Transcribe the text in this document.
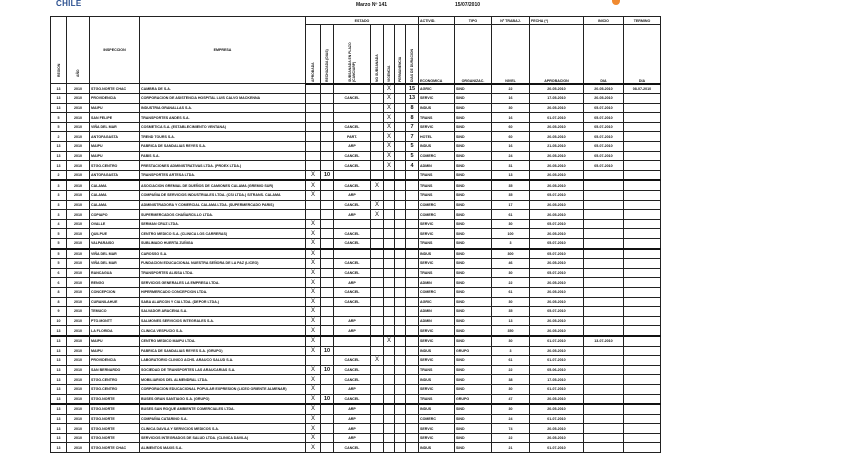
CHILE	Marzo Nº 141	15/07/2010
REGION	AÑO	INSPECCION	EMPRESA	ESTADO							ACTIVID.	TIPO	Nº TRABAJ.	FECHA (*)	INICIO	TERMINO
				APROBADA	RECHAZADA (DIAS)	SUBSANADA EN PLAZO (CANC/ARP)	NO SUBSANADA	VIGENCIA	PERMANENCIA	DIAS DE DURACION	ECONOMICA	ORGANIZAC.	NIVEL	APROBACION	DIA	DIA
13	2010	STGO.NORTE CHAC	CAMBRA DE S.A.					X		15	AGRIC	SIND	22	20-05-2010	20-05-2010	08-07-2010
13	2010	PROVIDENCIA	CORPORACION DE ASISTENCIA HOSPITAL LUIS CALVO MACKENNA			CANCEL		X		13	SERVIC	SIND	16	17-05-2010	20-05-2010	
13	2010	MAIPU	INDUSTRIA GRANALLAS S.A.					X		8	INDUS	SIND	30	20-05-2010	05-07-2010	
5	2010	SAN FELIPE	TRANSPORTES ANDES S.A.					X		8	TRANS	SIND	16	01-07-2010	05-07-2010	
5	2010	VIÑA DEL MAR	COSMETICA S.A. (ESTABLECIMIENTO VENTANA)			CANCEL		X		7	SERVIC	SIND	60	20-05-2010	05-07-2010	
2	2010	ANTOFAGASTA	TREND TOURS S.A.			PART.		X		7	HOTEL	SIND	60	20-05-2010	05-07-2010	
13	2010	MAIPU	FABRICA DE SANDALIAS REYES S.A.			ARP		X		5	INDUS	SIND	16	21-05-2010	05-07-2010	
13	2010	MAIPU	FABIS S.A.			CANCEL		X		5	COMERC	SIND	24	20-05-2010	05-07-2010	
13	2010	STGO.CENTRO	PRESTACIONES ADMINISTRATIVAS LTDA. (PROEX LTDA.)			CANCEL		X		4	ADMIN	SIND	31	20-05-2010	05-07-2010	
2	2010	ANTOFAGASTA	TRANSPORTES ARTESA LTDA.	X	10						TRANS	SIND	13	20-05-2010		
3	2010	CALAMA	ASOCIACION GREMIAL DE DUEÑOS DE CAMIONES CALAMA (GREMIO SUR)	X		CANCEL	X				TRANS	SIND	35	20-05-2010		
3	2010	CALAMA	COMPAÑIA DE SERVICIOS INDUSTRIALES LTDA. (CSI LTDA.) SITRANS. CALAMA	X		ARP					TRANS	SIND	35	05-07-2010		
3	2010	CALAMA	ADMINISTRADORA Y COMERCIAL CALAMA LTDA. (SUPERMERCADO PARIS)			CANCEL	X				COMERC	SIND	17	20-05-2010		
3	2010	COPIAPO	SUPERMERCADOS CHAÑARCILLO LTDA.			ARP	X				COMERC	SIND	61	20-05-2010		
4	2010	OVALLE	SERMAN CRUZ LTDA.	X							SERVIC	SIND	30	05-07-2010		
5	2010	QUILPUE	CENTRO MEDICO S.A. (CLINICA LOS CARRERAS)	X		CANCEL					SERVIC	SIND	100	20-05-2010		
5	2010	VALPARAISO	SUBLIMADO HUERTA ZUÑIGA	X		CANCEL					TRANS	SIND	3	05-07-2010		
5	2010	VIÑA DEL MAR	CAROSSO S.A.	X							INDUS	SIND	300	05-07-2010		
5	2010	VIÑA DEL MAR	FUNDACION EDUCACIONAL NUESTRA SEÑORA DE LA PAZ (LICEO)	X		CANCEL					SERVIC	SIND	46	20-05-2010		
6	2010	RANCAGUA	TRANSPORTES ALISSA LTDA.	X		CANCEL					TRANS	SIND	30	05-07-2010		
6	2010	RENGO	SERVICIOS GENERALES LA EMPRESA LTDA.	X		ARP					ADMIN	SIND	22	20-05-2010		
8	2010	CONCEPCION	HIPERMERCADO CONCEPCION LTDA.	X		CANCEL					COMERC	SIND	61	20-05-2010		
8	2010	CURANILAHUE	SABA ALARCON Y CIA LTDA. (DEPOR LTDA.)	X		CANCEL					AGRIC	SIND	30	20-05-2010		
9	2010	TEMUCO	SALVADOR ARACENA S.A.	X							ADMIN	SIND	35	05-07-2010		
10	2010	PTO.MONTT	SALMONES SERVICIOS INTEGRALES S.A.	X		ARP					ADMIN	SIND	13	20-05-2010		
13	2010	LA FLORIDA	CLINICA VESPUCIO S.A.	X		ARP					SERVIC	SIND	350	20-05-2010		
13	2010	MAIPU	CENTRO MEDICO MAIPU LTDA.	X				X			SERVIC	SIND	30	01-07-2010	13-07-2010	
13	2010	MAIPU	FABRICA DE SANDALIAS REYES S.A. (GRUPO)	X	10						INDUS	GRUPO	3	20-05-2010		
13	2010	PROVIDENCIA	LABORATORIO CLINICO ACHS. ARAUCO SALUD S.A.			CANCEL	X				SERVIC	SIND	61	01-07-2010		
13	2010	SAN BERNARDO	SOCIEDAD DE TRANSPORTES LAS ARAUCARIAS S.A.	X	10	CANCEL					TRANS	SIND	22	05-06-2010		
13	2010	STGO.CENTRO	MOBILIARIOS DEL ALMENDRAL LTDA.	X		CANCEL					INDUS	SIND	38	17-05-2010		
13	2010	STGO.CENTRO	CORPORACION EDUCACIONAL POPULAR EXPRESION (LICEO ORIENTE ALMENAR)	X		ARP					SERVIC	SIND	30	01-07-2010		
13	2010	STGO.NORTE	BUSES GRAN SANTIAGO S.A. (GRUPO)	X	10	CANCEL					TRANS	GRUPO	47	20-05-2010		
13	2010	STGO.NORTE	BUSES SAN ROQUE AMBIENTE COMERCIALES LTDA.	X		ARP					INDUS	SIND	30	20-05-2010		
13	2010	STGO.NORTE	COMPAÑIA CATARINO S.A.	X		ARP					COMERC	SIND	24	01-07-2010		
13	2010	STGO.NORTE	CLINICA DAVILA Y SERVICIOS MEDICOS S.A.	X		ARP					SERVIC	SIND	74	20-05-2010		
13	2010	STGO.NORTE	SERVICIOS INTEGRADOS DE SALUD LTDA. (CLINICA DAVILA)	X		ARP					SERVIC	SIND	22	20-05-2010		
13	2010	STGO.NORTE CHAC	ALIMENTOS MAXIS S.A.	X		CANCEL					INDUS	SIND	21	01-07-2010		
